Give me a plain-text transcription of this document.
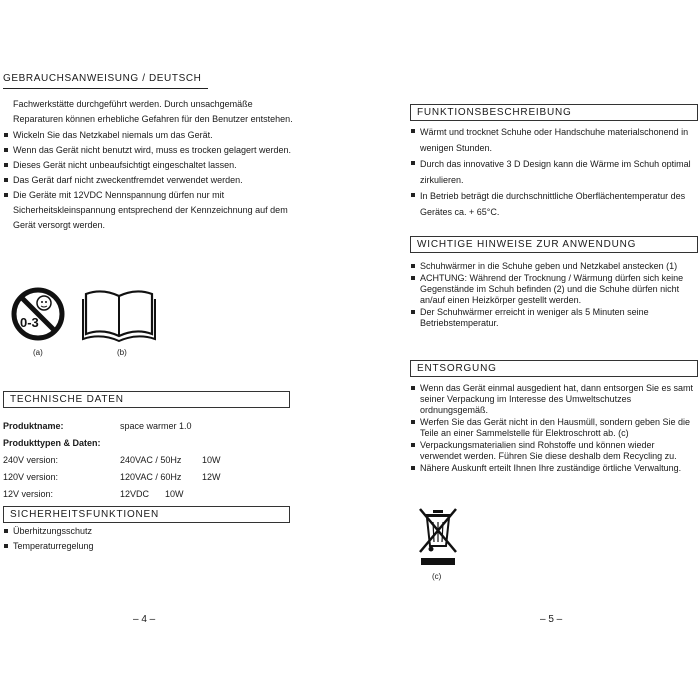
GEBRAUCHSANWEISUNG / DEUTSCH
Fachwerkstätte durchgeführt werden. Durch unsachgemäße Reparaturen können erhebliche Gefahren für den Benutzer entstehen.
Wickeln Sie das Netzkabel niemals um das Gerät.
Wenn das Gerät nicht benutzt wird, muss es trocken gelagert werden.
Dieses Gerät nicht unbeaufsichtigt eingeschaltet lassen.
Das Gerät darf nicht zweckentfremdet verwendet werden.
Die Geräte mit 12VDC Nennspannung dürfen nur mit Sicherheitskleinspannung entsprechend der Kennzeichnung auf dem Gerät versorgt werden.
0-3
(a)	(b)
TECHNISCHE DATEN
Produktname:	space warmer 1.0
Produkttypen & Daten:
240V version:	240VAC / 50Hz 10W
120V version:	120VAC / 60Hz 12W
12V version:	12VDC 10W
SICHERHEITSFUNKTIONEN
Überhitzungsschutz
Temperaturregelung
– 4 –
FUNKTIONSBESCHREIBUNG
Wärmt und trocknet Schuhe oder Handschuhe materialschonend in wenigen Stunden.
Durch das innovative 3 D Design kann die Wärme im Schuh optimal zirkulieren.
In Betrieb beträgt die durchschnittliche Oberflächentemperatur des Gerätes ca. + 65°C.
WICHTIGE HINWEISE ZUR ANWENDUNG
Schuhwärmer in die Schuhe geben und Netzkabel anstecken (1)
ACHTUNG: Während der Trocknung / Wärmung dürfen sich keine Gegenstände im Schuh befinden (2) und die Schuhe dürfen nicht an/auf einen Heizkörper gestellt werden.
Der Schuhwärmer erreicht in weniger als 5 Minuten seine Betriebstemperatur.
ENTSORGUNG
Wenn das Gerät einmal ausgedient hat, dann entsorgen Sie es samt seiner Verpackung im Interesse des Umweltschutzes ordnungsgemäß.
Werfen Sie das Gerät nicht in den Hausmüll, sondern geben Sie die Teile an einer Sammelstelle für Elektroschrott ab. (c)
Verpackungsmaterialien sind Rohstoffe und können wieder verwendet werden. Führen Sie diese deshalb dem Recycling zu.
Nähere Auskunft erteilt Ihnen Ihre zuständige örtliche Verwaltung.
(c)
– 5 –
